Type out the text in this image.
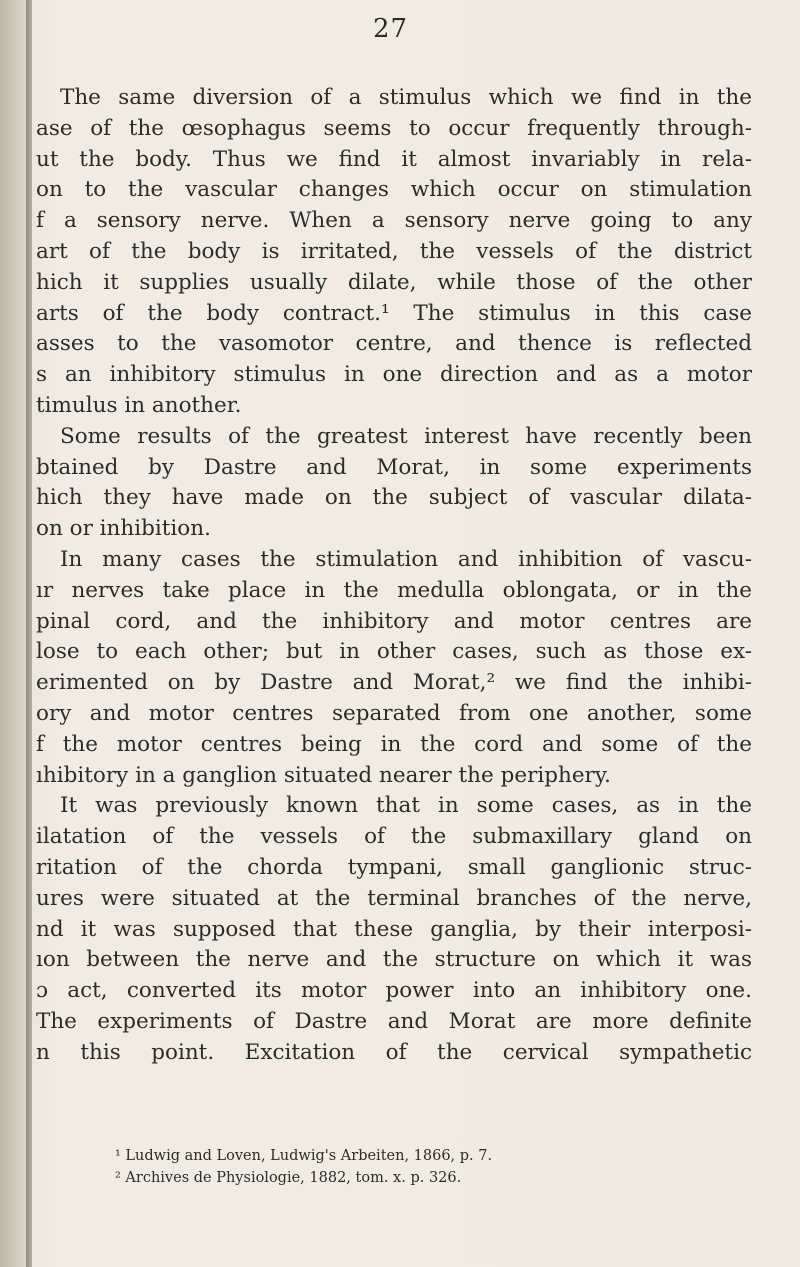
27
The same diversion of a stimulus which we find in the
ase of the œsophagus seems to occur frequently through-
ut the body. Thus we find it almost invariably in rela-
on to the vascular changes which occur on stimulation
f a sensory nerve. When a sensory nerve going to any
art of the body is irritated, the vessels of the district
hich it supplies usually dilate, while those of the other
arts of the body contract.¹ The stimulus in this case
asses to the vasomotor centre, and thence is reflected
s an inhibitory stimulus in one direction and as a motor
timulus in another.
Some results of the greatest interest have recently been
btained by Dastre and Morat, in some experiments
hich they have made on the subject of vascular dilata-
on or inhibition.
In many cases the stimulation and inhibition of vascu-
ır nerves take place in the medulla oblongata, or in the
pinal cord, and the inhibitory and motor centres are
lose to each other; but in other cases, such as those ex-
erimented on by Dastre and Morat,² we find the inhibi-
ory and motor centres separated from one another, some
f the motor centres being in the cord and some of the
ıhibitory in a ganglion situated nearer the periphery.
It was previously known that in some cases, as in the
ilatation of the vessels of the submaxillary gland on
ritation of the chorda tympani, small ganglionic struc-
ures were situated at the terminal branches of the nerve,
nd it was supposed that these ganglia, by their interposi-
ıon between the nerve and the structure on which it was
ɔ act, converted its motor power into an inhibitory one.
The experiments of Dastre and Morat are more definite
n this point. Excitation of the cervical sympathetic
¹ Ludwig and Loven, Ludwig's Arbeiten, 1866, p. 7.
² Archives de Physiologie, 1882, tom. x. p. 326.
